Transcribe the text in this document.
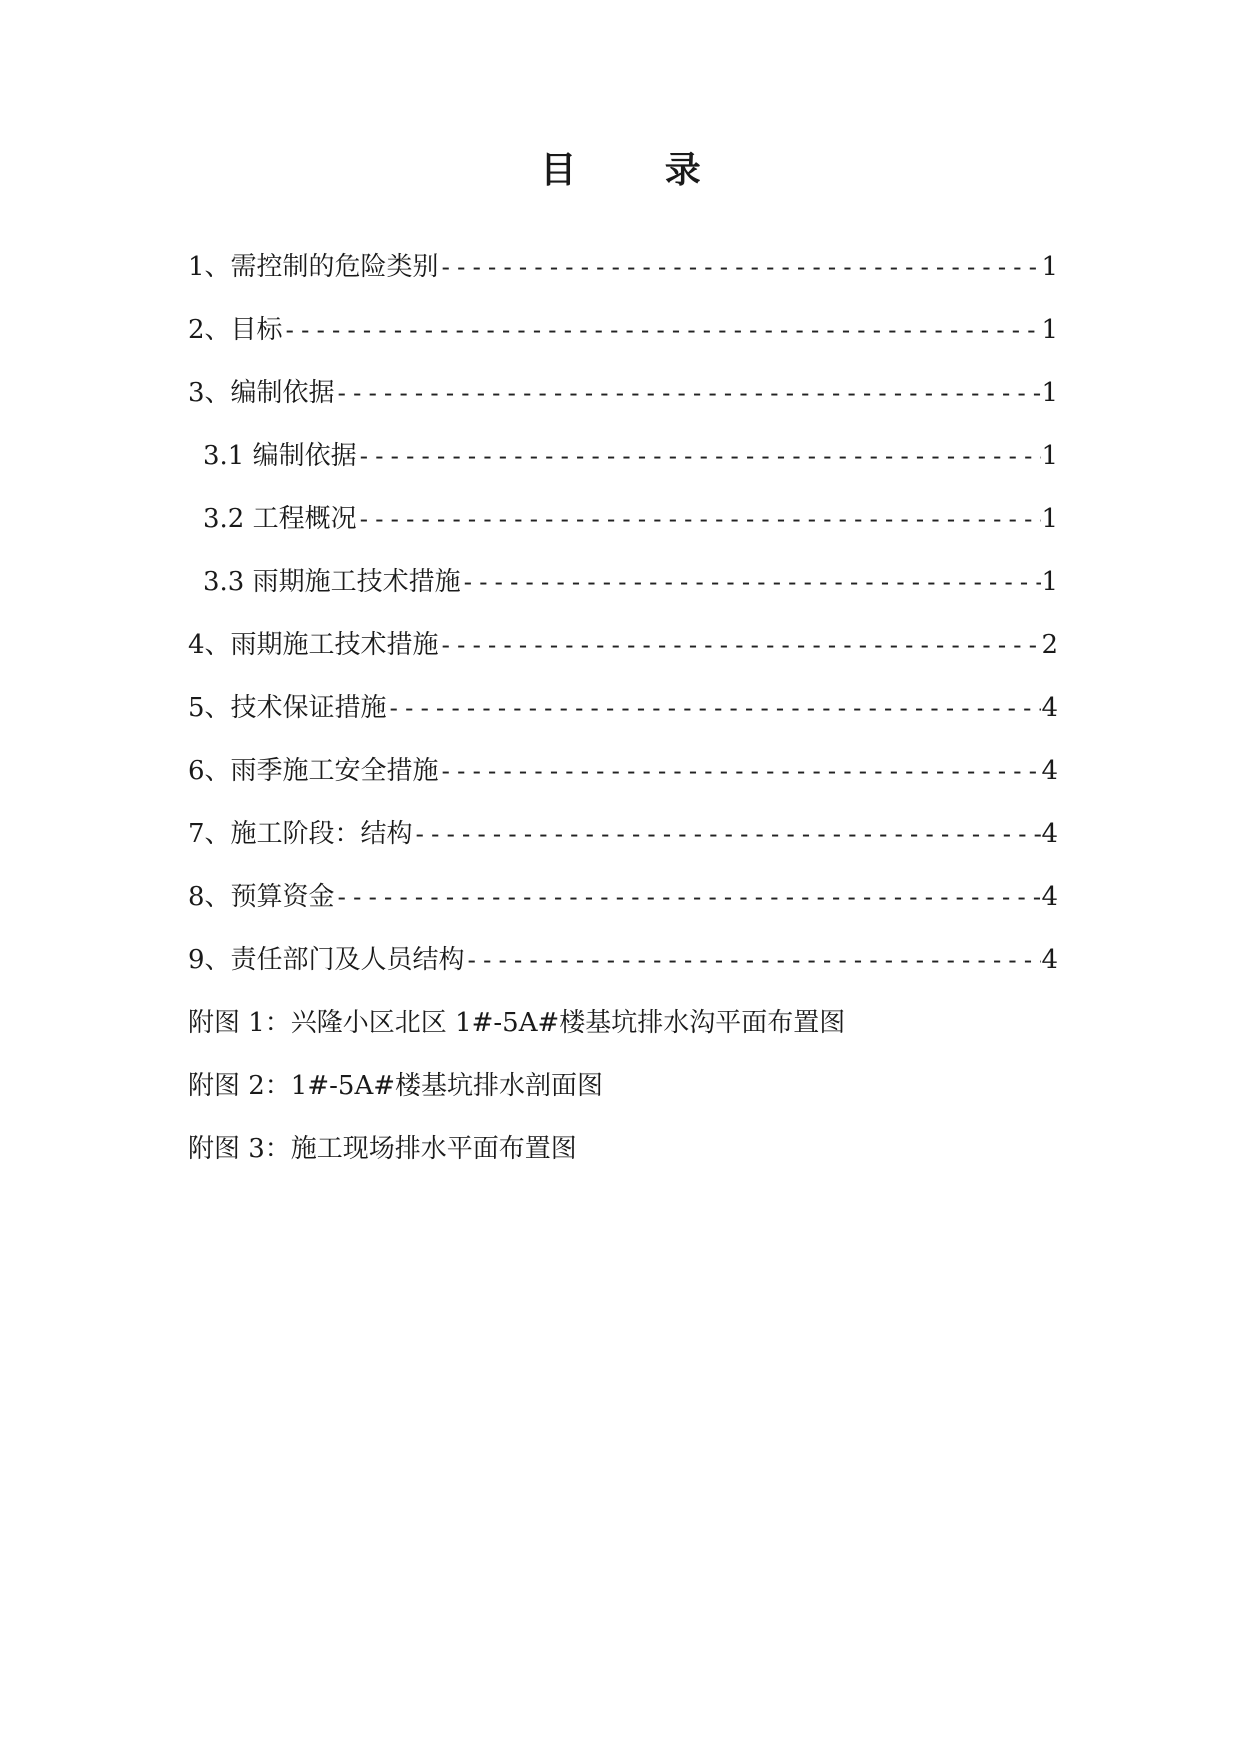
目 录
1、需控制的危险类别 -----	1
2、目标 -----	1
3、编制依据 -----	1
3.1 编制依据 -----	1
3.2 工程概况 -----	1
3.3 雨期施工技术措施 -----	1
4、雨期施工技术措施 -----	2
5、技术保证措施 -----	4
6、雨季施工安全措施 -----	4
7、施工阶段：结构 -----	4
8、预算资金 -----	4
9、责任部门及人员结构 -----	4
附图 1：兴隆小区北区 1#-5A#楼基坑排水沟平面布置图
附图 2：1#-5A#楼基坑排水剖面图
附图 3：施工现场排水平面布置图
